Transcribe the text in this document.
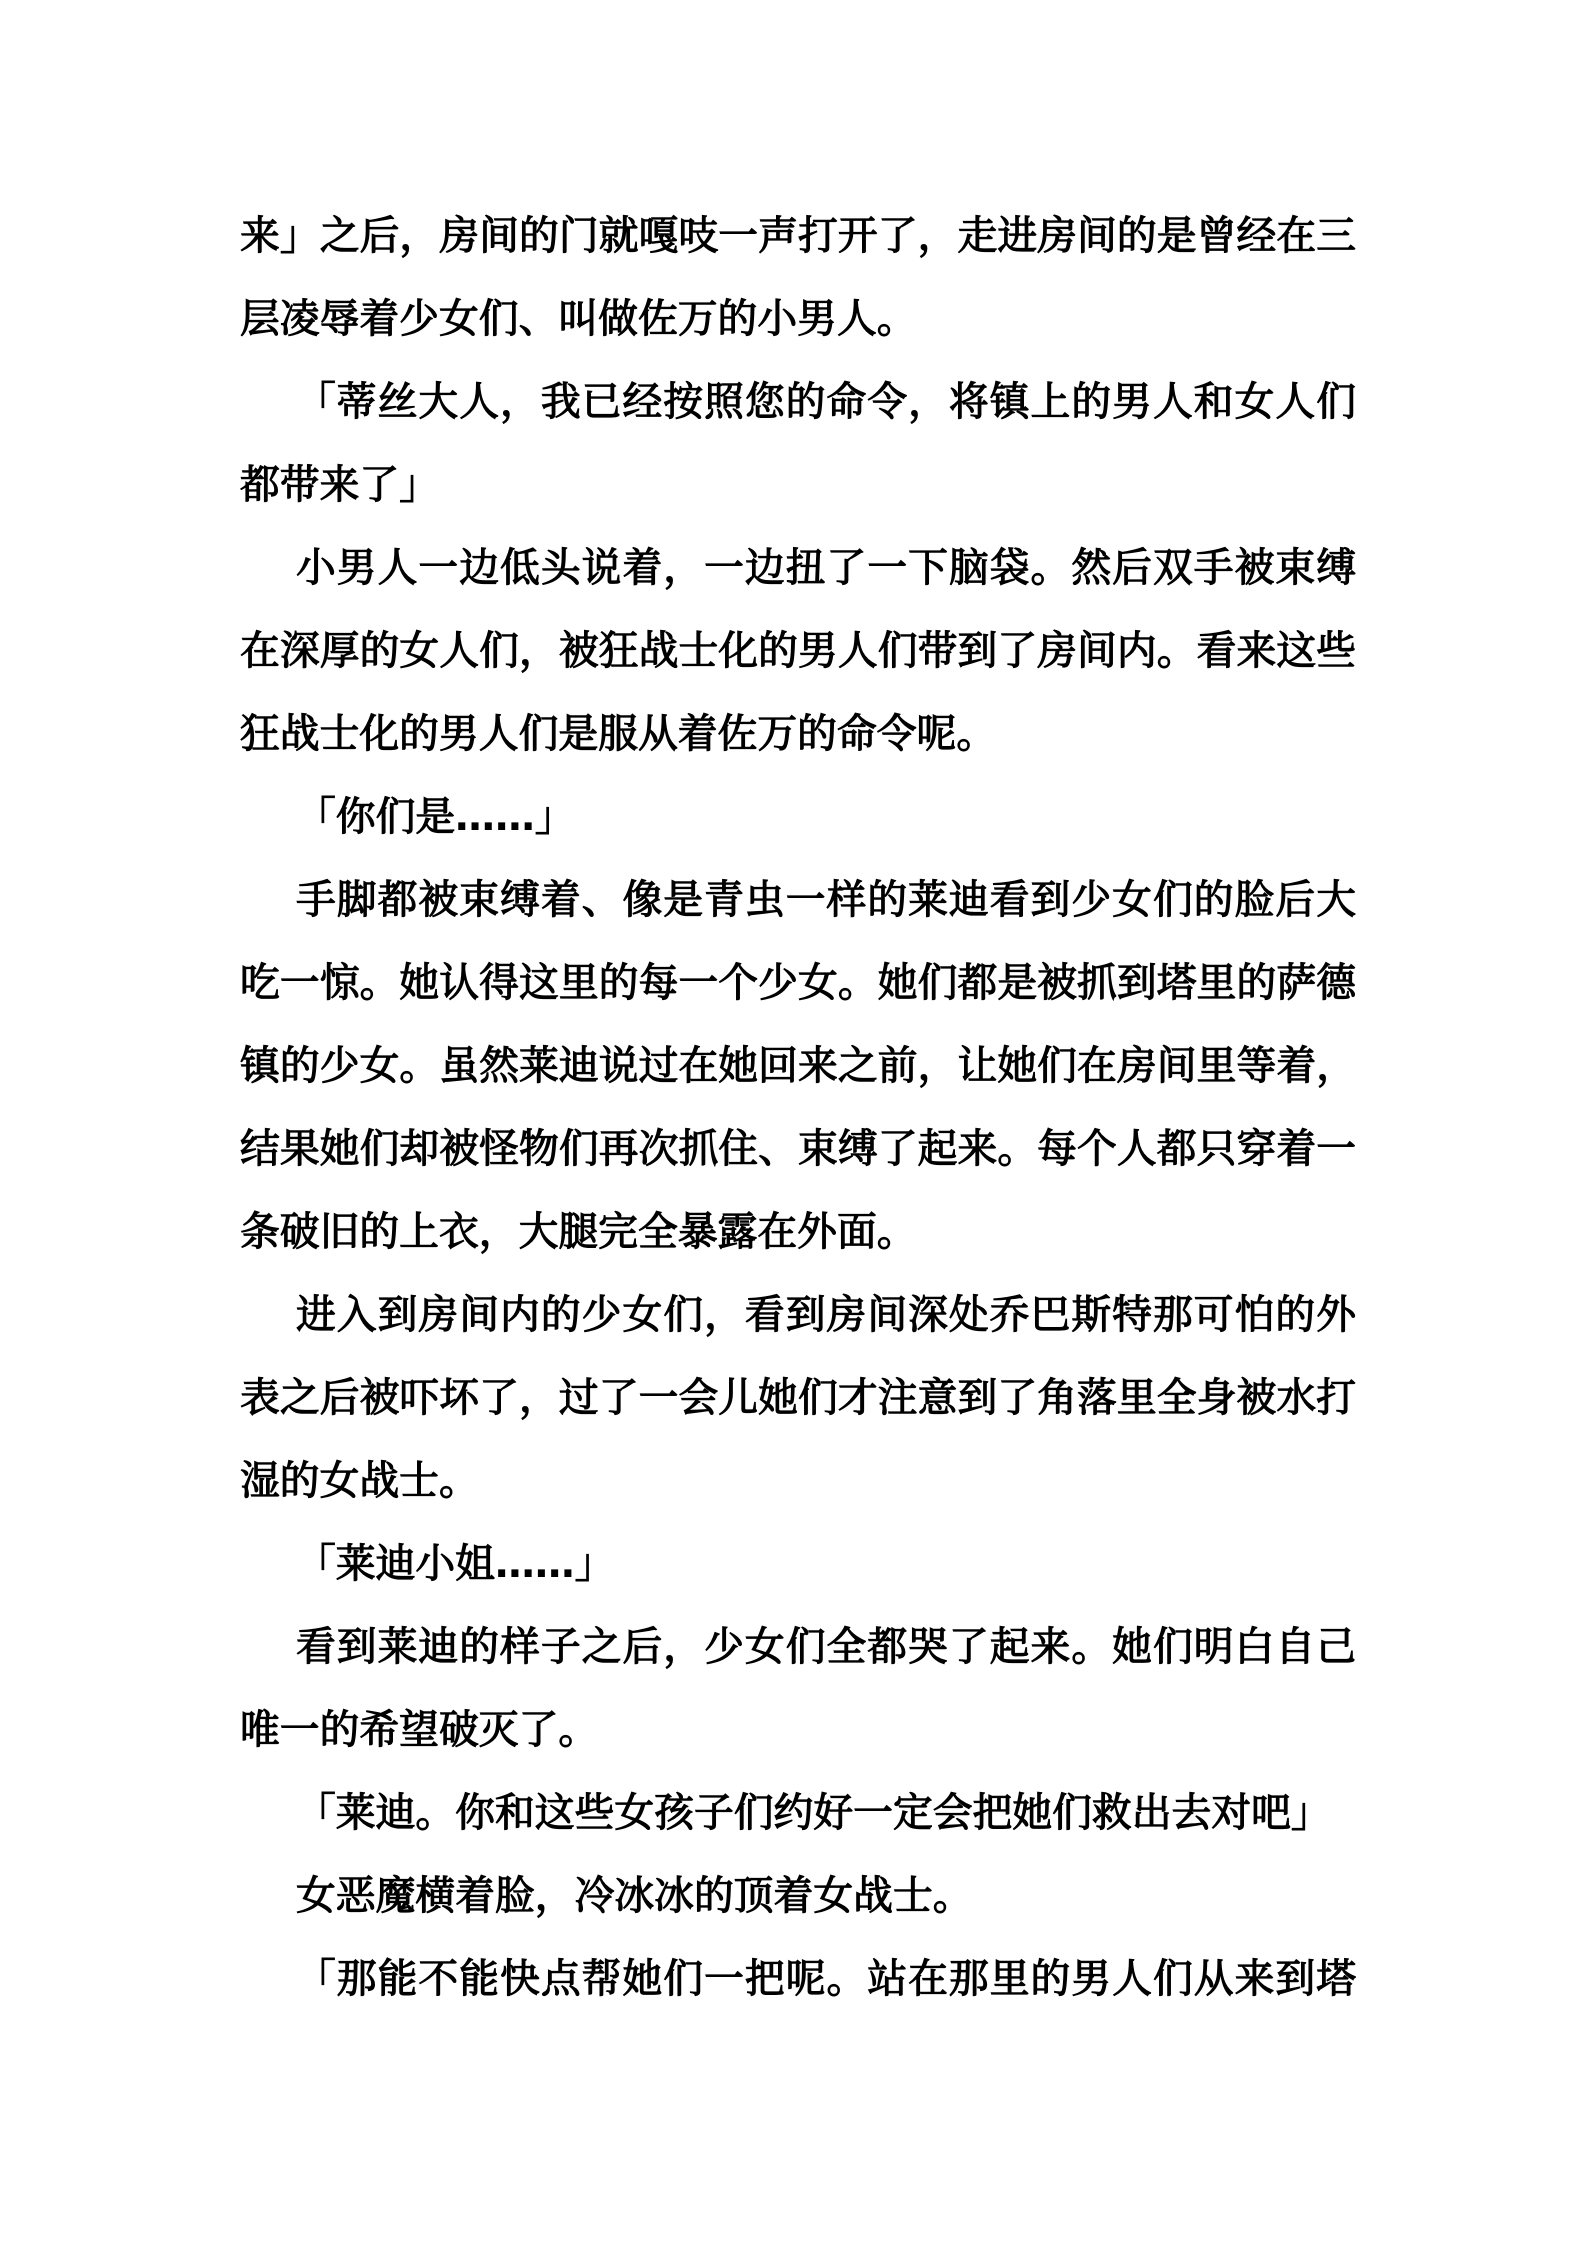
来」之后，房间的门就嘎吱一声打开了，走进房间的是曾经在三
层凌辱着少女们、叫做佐万的小男人。
「蒂丝大人，我已经按照您的命令，将镇上的男人和女人们
都带来了」
小男人一边低头说着，一边扭了一下脑袋。然后双手被束缚
在深厚的女人们，被狂战士化的男人们带到了房间内。看来这些
狂战士化的男人们是服从着佐万的命令呢。
「你们是……」
手脚都被束缚着、像是青虫一样的莱迪看到少女们的脸后大
吃一惊。她认得这里的每一个少女。她们都是被抓到塔里的萨德
镇的少女。虽然莱迪说过在她回来之前，让她们在房间里等着，
结果她们却被怪物们再次抓住、束缚了起来。每个人都只穿着一
条破旧的上衣，大腿完全暴露在外面。
进入到房间内的少女们，看到房间深处乔巴斯特那可怕的外
表之后被吓坏了，过了一会儿她们才注意到了角落里全身被水打
湿的女战士。
「莱迪小姐……」
看到莱迪的样子之后，少女们全都哭了起来。她们明白自己
唯一的希望破灭了。
「莱迪。你和这些女孩子们约好一定会把她们救出去对吧」
女恶魔横着脸，冷冰冰的顶着女战士。
「那能不能快点帮她们一把呢。站在那里的男人们从来到塔
